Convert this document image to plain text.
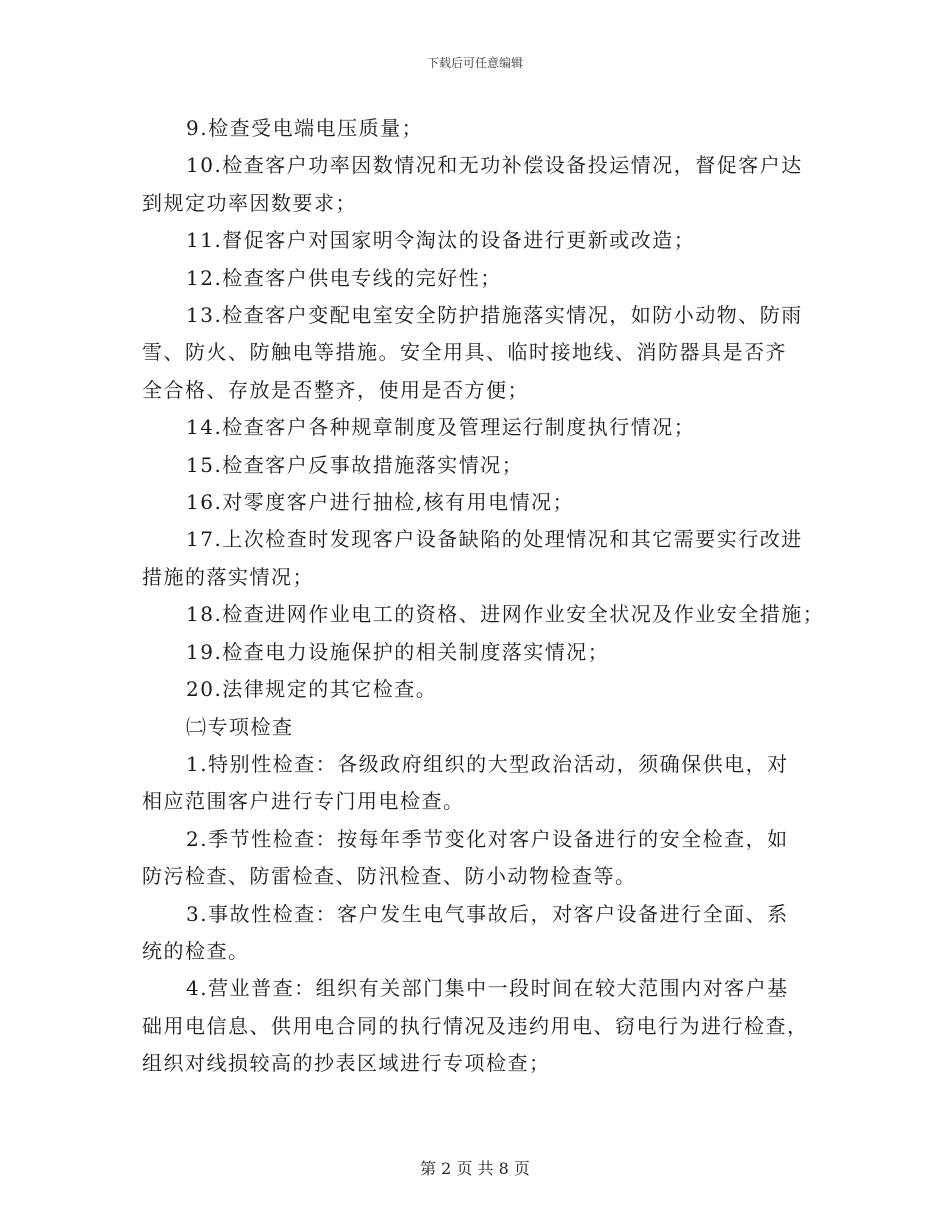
下载后可任意编辑

9.检查受电端电压质量；

10.检查客户功率因数情况和无功补偿设备投运情况，督促客户达

到规定功率因数要求；

11.督促客户对国家明令淘汰的设备进行更新或改造；

12.检查客户供电专线的完好性；

13.检查客户变配电室安全防护措施落实情况，如防小动物、防雨

雪、防火、防触电等措施。安全用具、临时接地线、消防器具是否齐

全合格、存放是否整齐，使用是否方便；

14.检查客户各种规章制度及管理运行制度执行情况；

15.检查客户反事故措施落实情况；

16.对零度客户进行抽检,核有用电情况；

17.上次检查时发现客户设备缺陷的处理情况和其它需要实行改进

措施的落实情况；

18.检查进网作业电工的资格、进网作业安全状况及作业安全措施；

19.检查电力设施保护的相关制度落实情况；

20.法律规定的其它检查。

㈡专项检查

1.特别性检查：各级政府组织的大型政治活动，须确保供电，对

相应范围客户进行专门用电检查。

2.季节性检查：按每年季节变化对客户设备进行的安全检查，如

防污检查、防雷检查、防汛检查、防小动物检查等。

3.事故性检查：客户发生电气事故后，对客户设备进行全面、系

统的检查。

4.营业普查：组织有关部门集中一段时间在较大范围内对客户基

础用电信息、供用电合同的执行情况及违约用电、窃电行为进行检查，

组织对线损较高的抄表区域进行专项检查；

第 2 页 共 8 页
